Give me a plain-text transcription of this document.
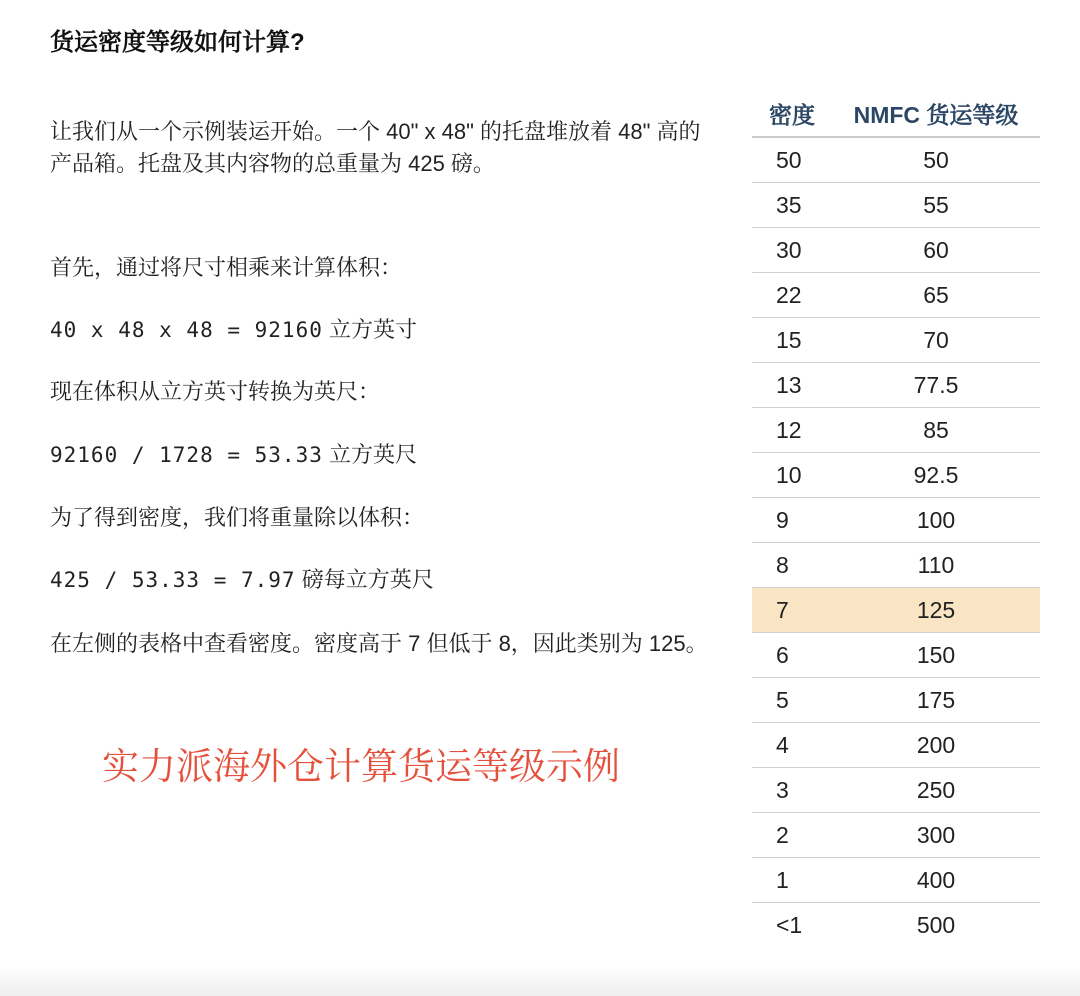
货运密度等级如何计算?
让我们从一个示例装运开始。一个 40" x 48" 的托盘堆放着 48" 高的产品箱。托盘及其内容物的总重量为 425 磅。
首先，通过将尺寸相乘来计算体积：
40 x 48 x 48 = 92160 立方英寸
现在体积从立方英寸转换为英尺：
92160 / 1728 = 53.33 立方英尺
为了得到密度，我们将重量除以体积：
425 / 53.33 = 7.97 磅每立方英尺
在左侧的表格中查看密度。密度高于 7 但低于 8，因此类别为 125。
实力派海外仓计算货运等级示例
密度	NMFC 货运等级
50	50
35	55
30	60
22	65
15	70
13	77.5
12	85
10	92.5
9	100
8	110
7	125
6	150
5	175
4	200
3	250
2	300
1	400
<1	500
